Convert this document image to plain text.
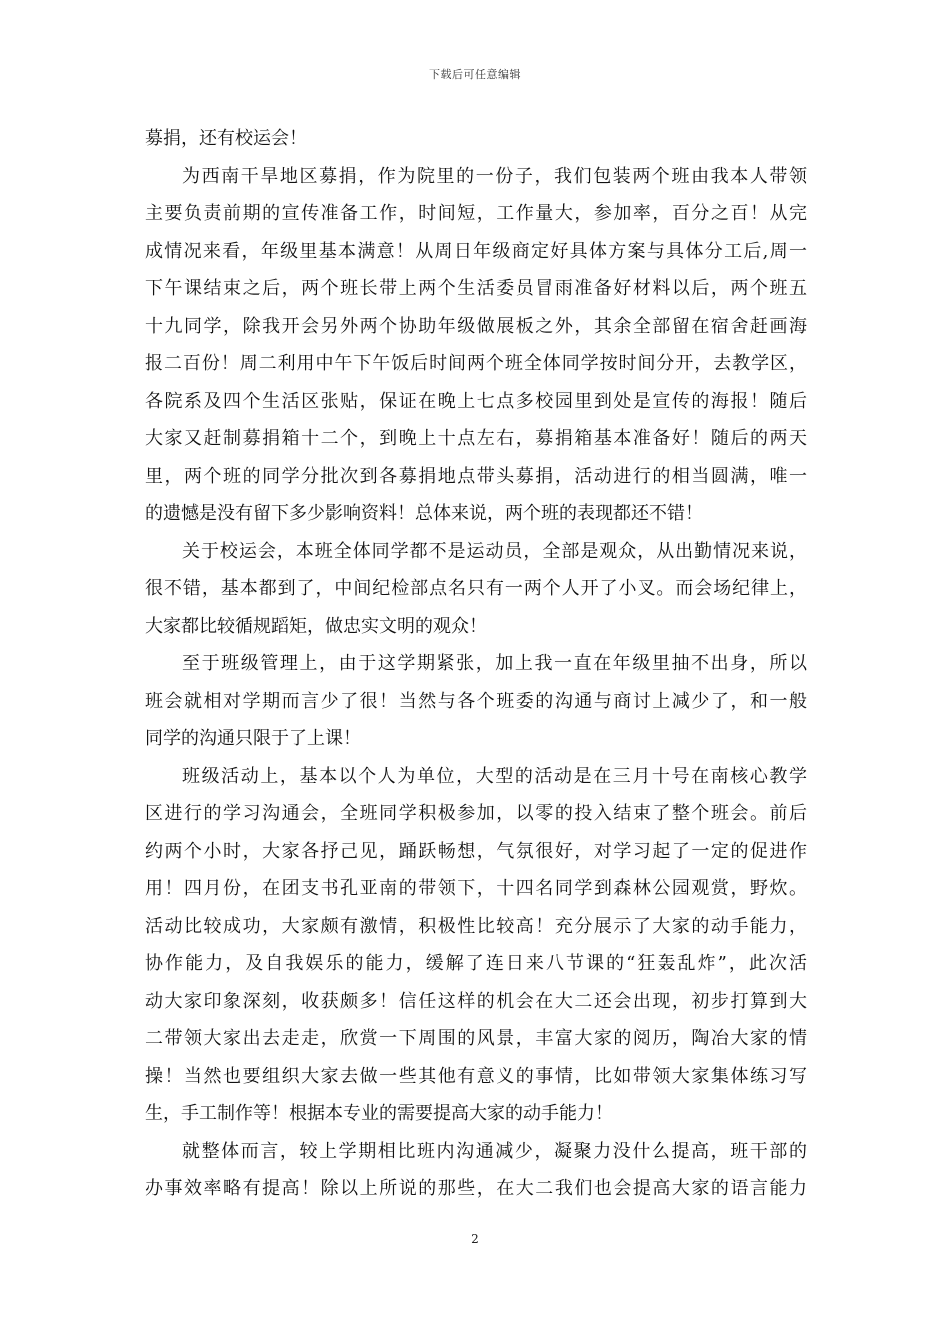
下载后可任意编辑
募捐，还有校运会！
为西南干旱地区募捐，作为院里的一份子，我们包装两个班由我本人带领
主要负责前期的宣传准备工作，时间短，工作量大，参加率，百分之百！从完
成情况来看，年级里基本满意！从周日年级商定好具体方案与具体分工后,周一
下午课结束之后，两个班长带上两个生活委员冒雨准备好材料以后，两个班五
十九同学，除我开会另外两个协助年级做展板之外，其余全部留在宿舍赶画海
报二百份！周二利用中午下午饭后时间两个班全体同学按时间分开，去教学区，
各院系及四个生活区张贴，保证在晚上七点多校园里到处是宣传的海报！随后
大家又赶制募捐箱十二个，到晚上十点左右，募捐箱基本准备好！随后的两天
里，两个班的同学分批次到各募捐地点带头募捐，活动进行的相当圆满，唯一
的遗憾是没有留下多少影响资料！总体来说，两个班的表现都还不错！
关于校运会，本班全体同学都不是运动员，全部是观众，从出勤情况来说，
很不错，基本都到了，中间纪检部点名只有一两个人开了小叉。而会场纪律上，
大家都比较循规蹈矩，做忠实文明的观众！
至于班级管理上，由于这学期紧张，加上我一直在年级里抽不出身，所以
班会就相对学期而言少了很！当然与各个班委的沟通与商讨上减少了，和一般
同学的沟通只限于了上课！
班级活动上，基本以个人为单位，大型的活动是在三月十号在南核心教学
区进行的学习沟通会，全班同学积极参加，以零的投入结束了整个班会。前后
约两个小时，大家各抒己见，踊跃畅想，气氛很好，对学习起了一定的促进作
用！四月份，在团支书孔亚南的带领下，十四名同学到森林公园观赏，野炊。
活动比较成功，大家颇有激情，积极性比较高！充分展示了大家的动手能力，
协作能力，及自我娱乐的能力，缓解了连日来八节课的“狂轰乱炸”，此次活
动大家印象深刻，收获颇多！信任这样的机会在大二还会出现，初步打算到大
二带领大家出去走走，欣赏一下周围的风景，丰富大家的阅历，陶冶大家的情
操！当然也要组织大家去做一些其他有意义的事情，比如带领大家集体练习写
生，手工制作等！根据本专业的需要提高大家的动手能力！
就整体而言，较上学期相比班内沟通减少，凝聚力没什么提高，班干部的
办事效率略有提高！除以上所说的那些，在大二我们也会提高大家的语言能力
2
